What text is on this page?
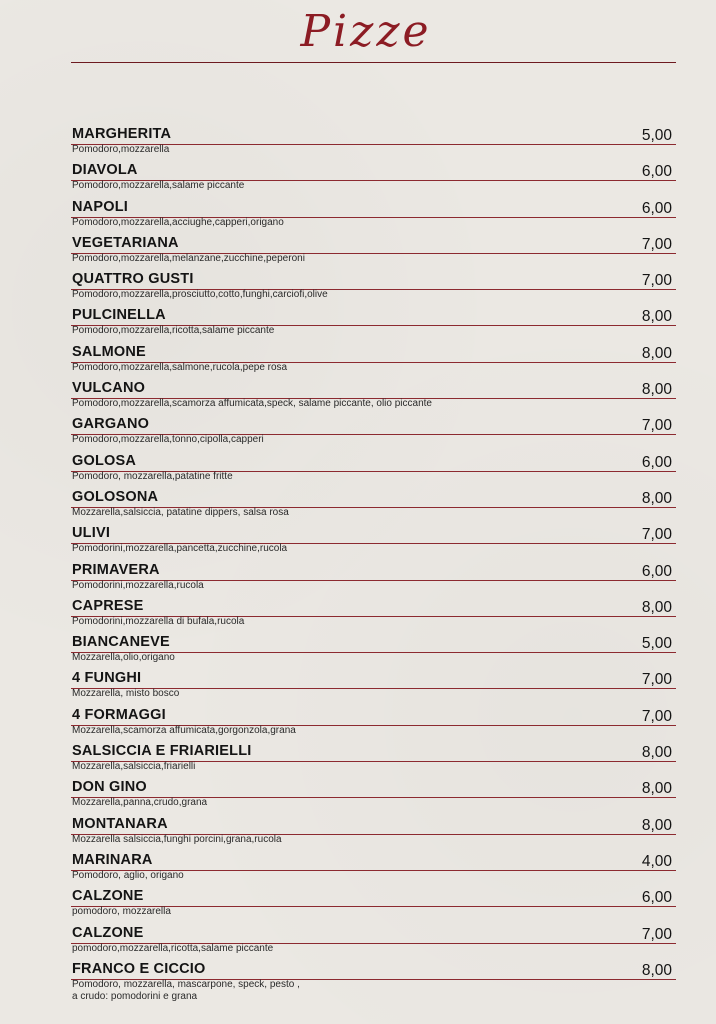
Pizze
MARGHERITA	5,00
Pomodoro,mozzarella
DIAVOLA	6,00
Pomodoro,mozzarella,salame piccante
NAPOLI	6,00
Pomodoro,mozzarella,acciughe,capperi,origano
VEGETARIANA	7,00
Pomodoro,mozzarella,melanzane,zucchine,peperoni
QUATTRO GUSTI	7,00
Pomodoro,mozzarella,prosciutto,cotto,funghi,carciofi,olive
PULCINELLA	8,00
Pomodoro,mozzarella,ricotta,salame piccante
SALMONE	8,00
Pomodoro,mozzarella,salmone,rucola,pepe rosa
VULCANO	8,00
Pomodoro,mozzarella,scamorza affumicata,speck, salame piccante, olio piccante
GARGANO	7,00
Pomodoro,mozzarella,tonno,cipolla,capperi
GOLOSA	6,00
Pomodoro, mozzarella,patatine fritte
GOLOSONA	8,00
Mozzarella,salsiccia, patatine dippers, salsa rosa
ULIVI	7,00
Pomodorini,mozzarella,pancetta,zucchine,rucola
PRIMAVERA	6,00
Pomodorini,mozzarella,rucola
CAPRESE	8,00
Pomodorini,mozzarella di bufala,rucola
BIANCANEVE	5,00
Mozzarella,olio,origano
4 FUNGHI	7,00
Mozzarella, misto bosco
4 FORMAGGI	7,00
Mozzarella,scamorza affumicata,gorgonzola,grana
SALSICCIA E FRIARIELLI	8,00
Mozzarella,salsiccia,friarielli
DON GINO	8,00
Mozzarella,panna,crudo,grana
MONTANARA	8,00
Mozzarella salsiccia,funghi porcini,grana,rucola
MARINARA	4,00
Pomodoro, aglio, origano
CALZONE	6,00
pomodoro, mozzarella
CALZONE	7,00
pomodoro,mozzarella,ricotta,salame piccante
FRANCO E CICCIO	8,00
Pomodoro, mozzarella, mascarpone, speck, pesto ,
a crudo: pomodorini e grana
